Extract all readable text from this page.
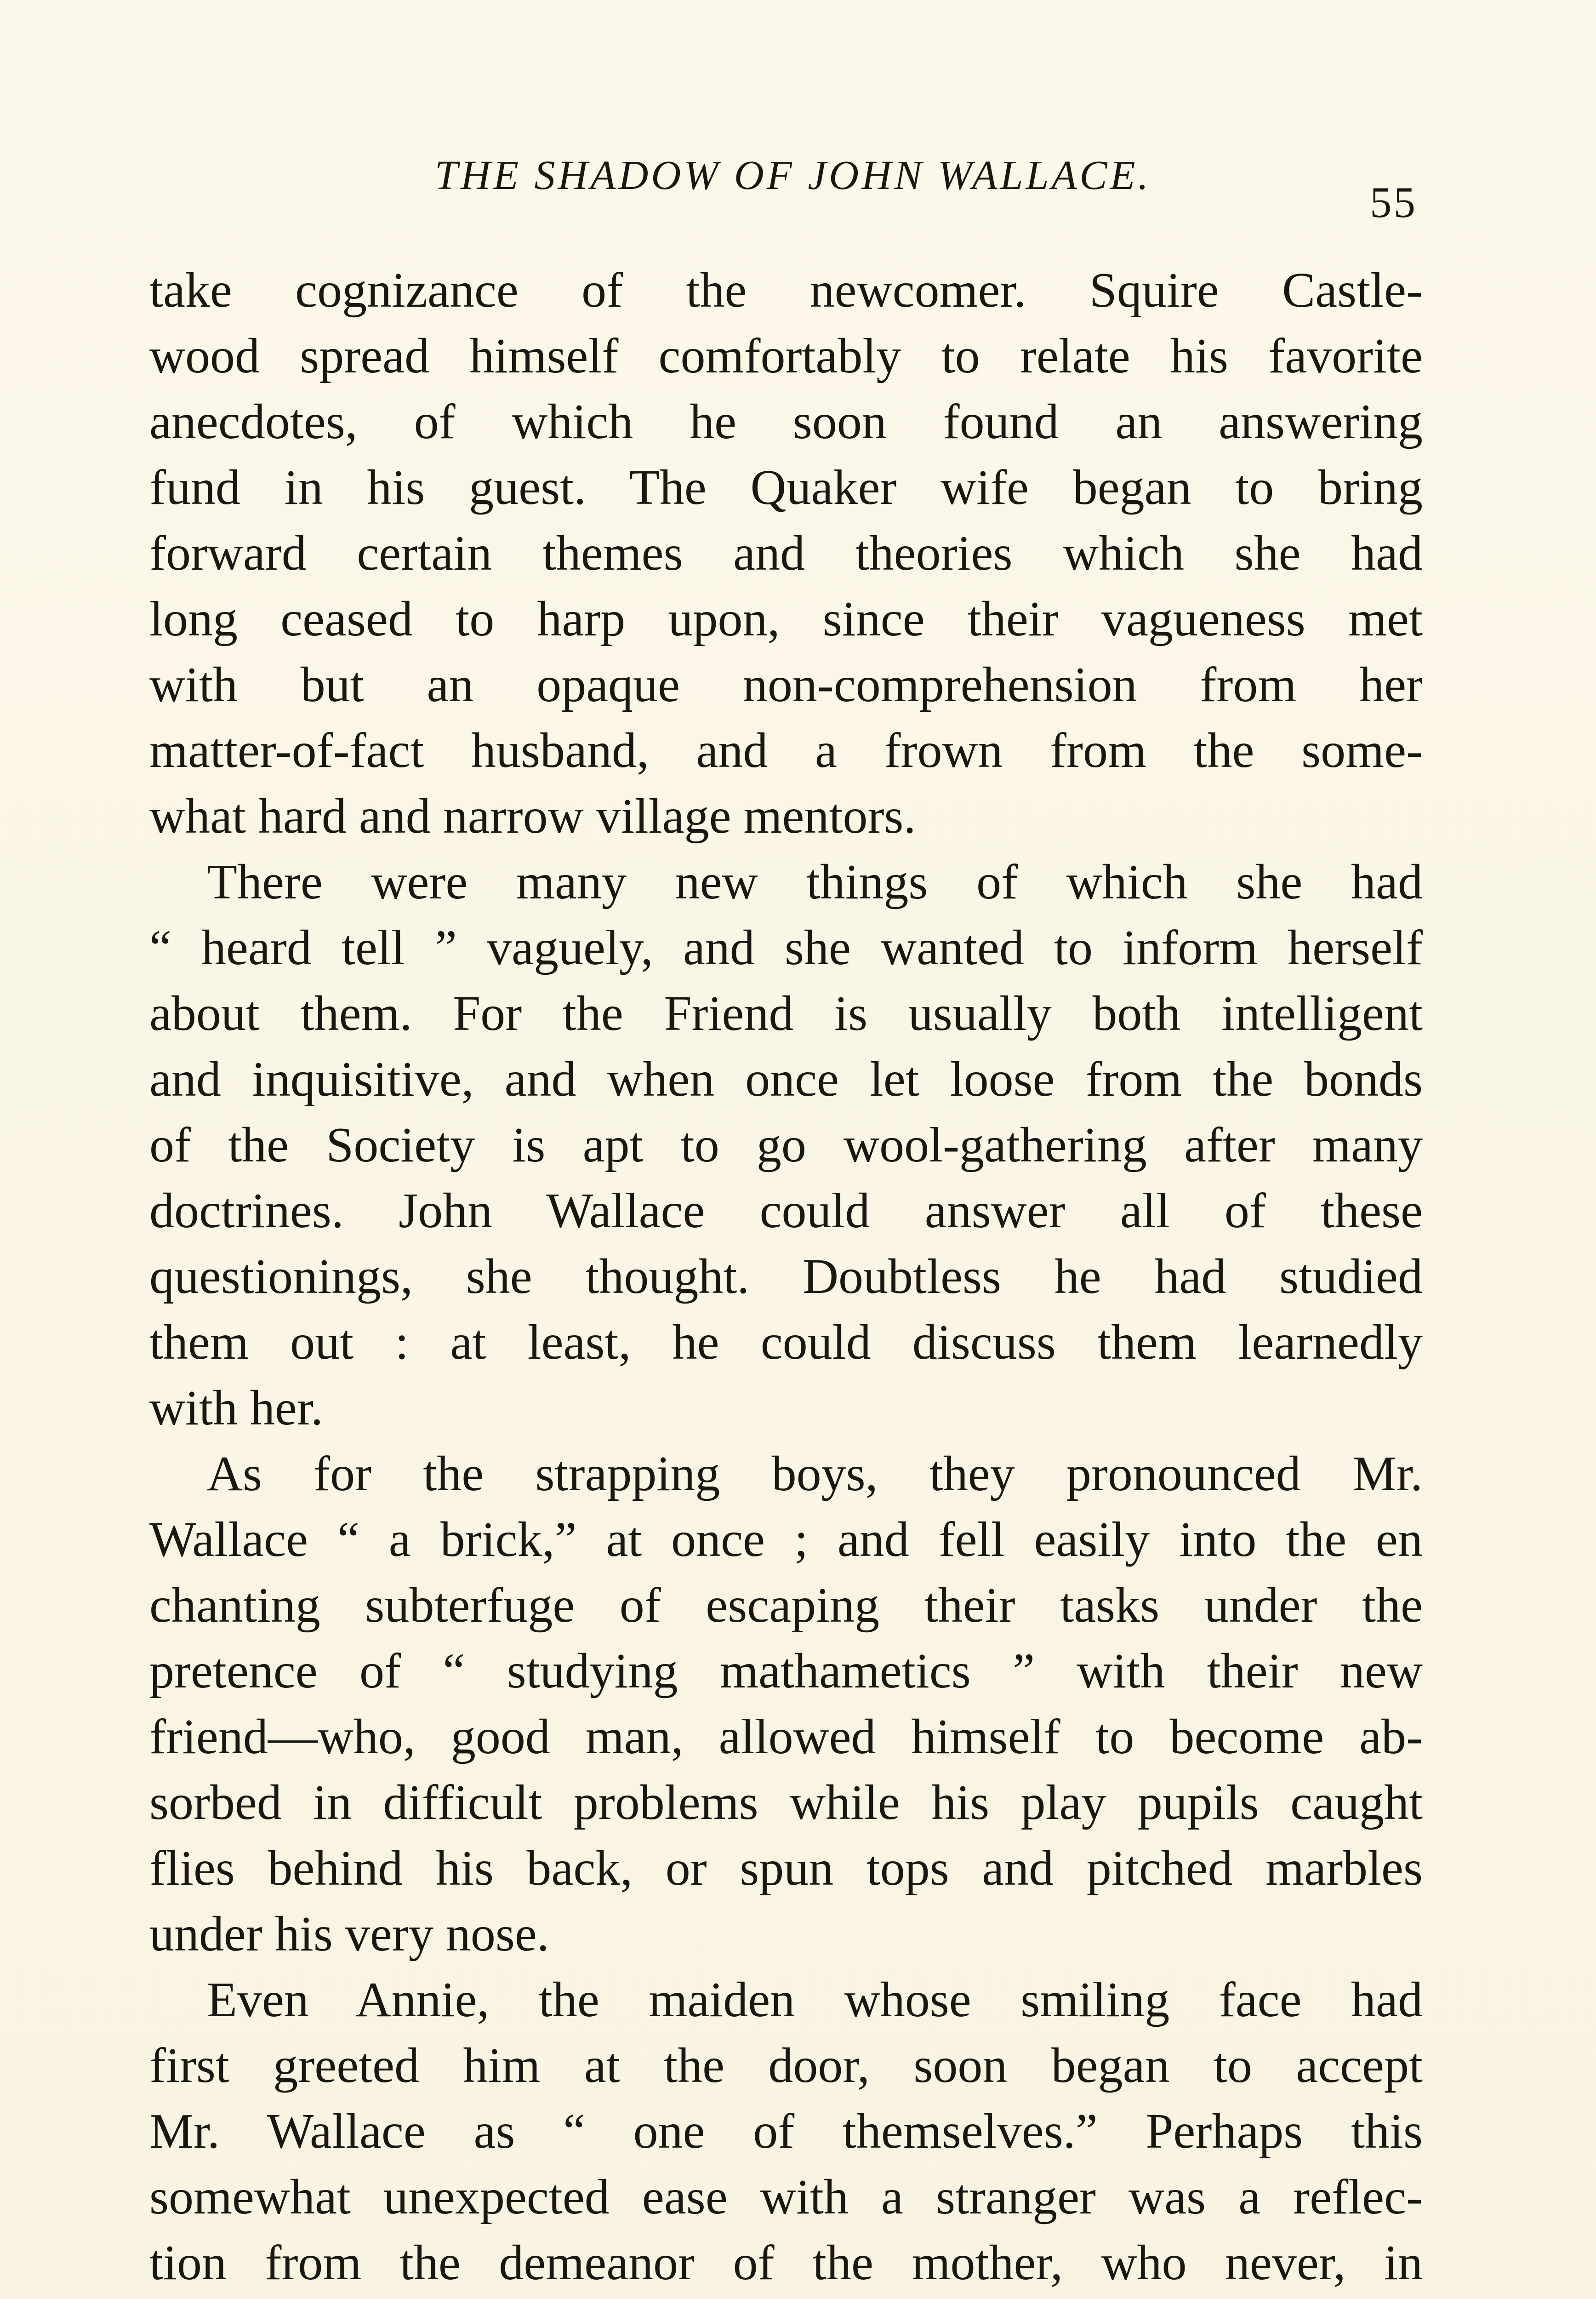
THE SHADOW OF JOHN WALLACE.
55
take cognizance of the newcomer. Squire Castle-
wood spread himself comfortably to relate his favorite
anecdotes, of which he soon found an answering
fund in his guest. The Quaker wife began to bring
forward certain themes and theories which she had
long ceased to harp upon, since their vagueness met
with but an opaque non-comprehension from her
matter-of-fact husband, and a frown from the some-
what hard and narrow village mentors.
There were many new things of which she had
“ heard tell ” vaguely, and she wanted to inform herself
about them. For the Friend is usually both intelligent
and inquisitive, and when once let loose from the bonds
of the Society is apt to go wool-gathering after many
doctrines. John Wallace could answer all of these
questionings, she thought. Doubtless he had studied
them out : at least, he could discuss them learnedly
with her.
As for the strapping boys, they pronounced Mr.
Wallace “ a brick,” at once ; and fell easily into the en
chanting subterfuge of escaping their tasks under the
pretence of “ studying mathametics ” with their new
friend—who, good man, allowed himself to become ab-
sorbed in difficult problems while his play pupils caught
flies behind his back, or spun tops and pitched marbles
under his very nose.
Even Annie, the maiden whose smiling face had
first greeted him at the door, soon began to accept
Mr. Wallace as “ one of themselves.” Perhaps this
somewhat unexpected ease with a stranger was a reflec-
tion from the demeanor of the mother, who never, in
